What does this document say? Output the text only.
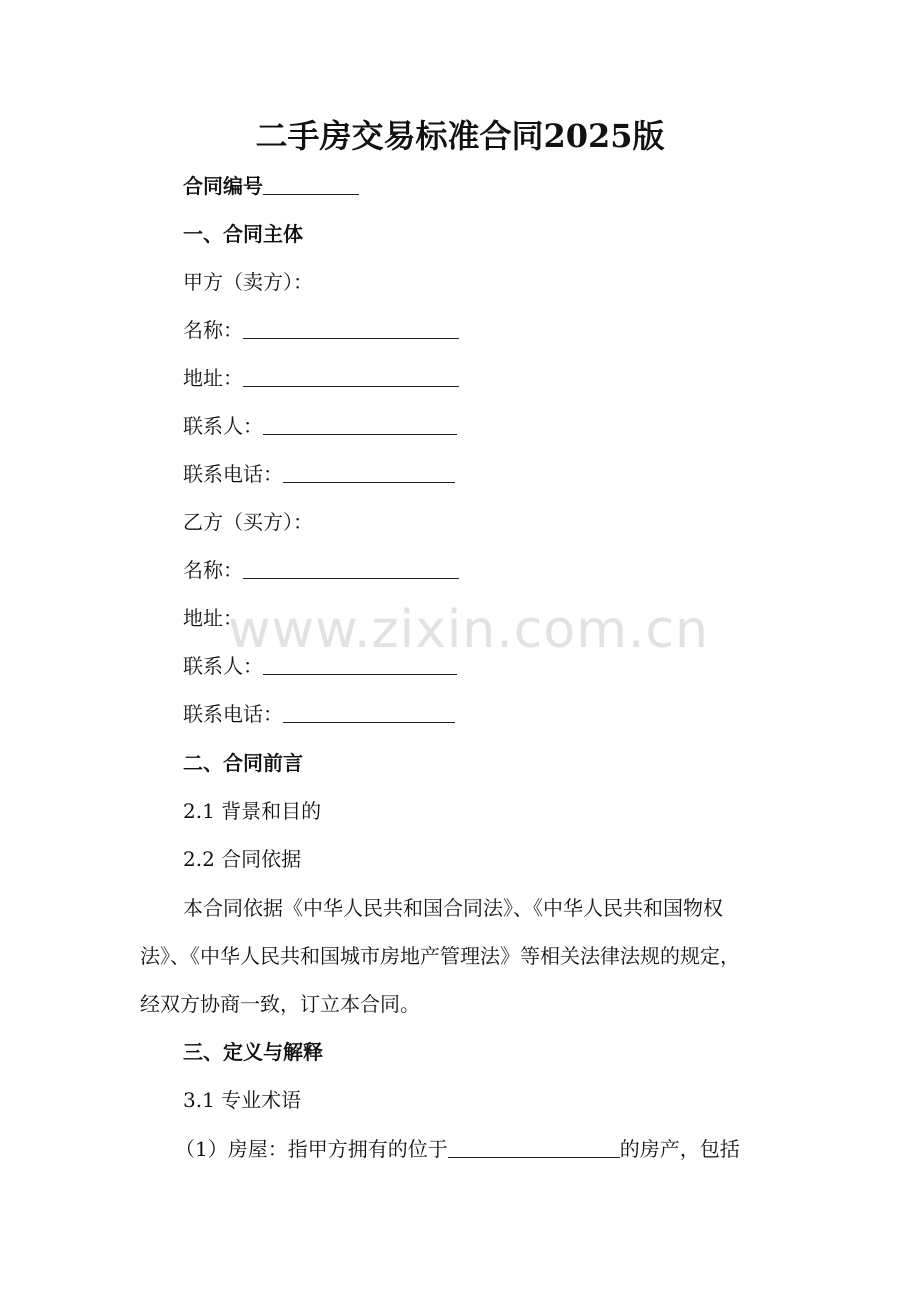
二手房交易标准合同2025版
合同编号
一、合同主体
甲方（卖方）：
名称：
地址：
联系人：
联系电话：
乙方（买方）：
名称：
地址：
联系人：
联系电话：
二、合同前言
2.1 背景和目的
2.2 合同依据
本合同依据《中华人民共和国合同法》、《中华人民共和国物权
法》、《中华人民共和国城市房地产管理法》等相关法律法规的规定，
经双方协商一致，订立本合同。
三、定义与解释
3.1 专业术语
（1）房屋：指甲方拥有的位于	的房产，包括
www.zixin.com.cn
